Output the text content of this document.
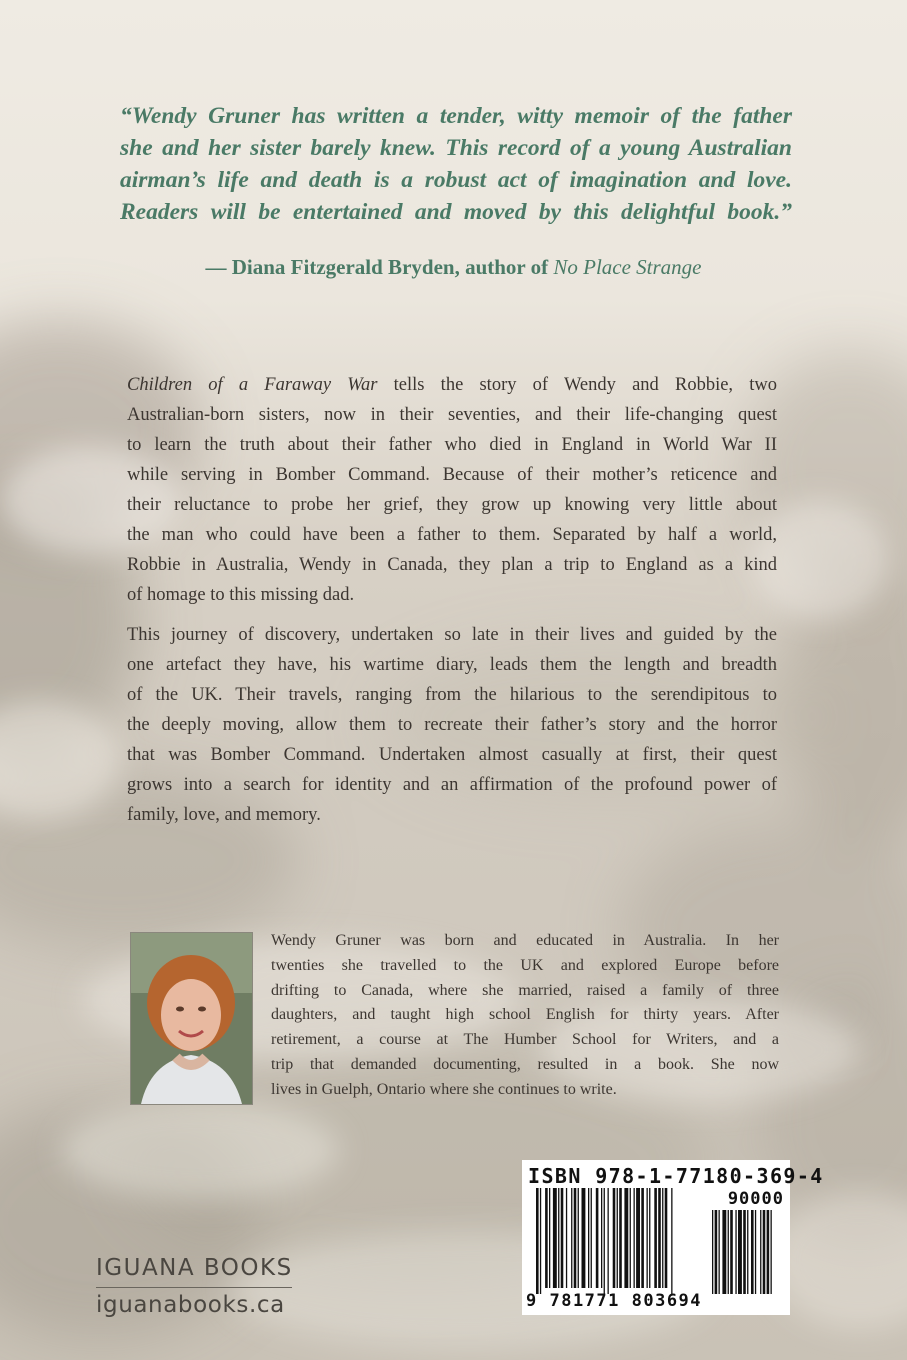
“Wendy Gruner has written a tender, witty memoir of the father
she and her sister barely knew. This record of a young Australian
airman’s life and death is a robust act of imagination and love.
Readers will be entertained and moved by this delightful book.”
— Diana Fitzgerald Bryden, author of No Place Strange
Children of a Faraway War tells the story of Wendy and Robbie, two
Australian-born sisters, now in their seventies, and their life-changing quest
to learn the truth about their father who died in England in World War II
while serving in Bomber Command. Because of their mother’s reticence and
their reluctance to probe her grief, they grow up knowing very little about
the man who could have been a father to them. Separated by half a world,
Robbie in Australia, Wendy in Canada, they plan a trip to England as a kind
of homage to this missing dad.
This journey of discovery, undertaken so late in their lives and guided by the
one artefact they have, his wartime diary, leads them the length and breadth
of the UK. Their travels, ranging from the hilarious to the serendipitous to
the deeply moving, allow them to recreate their father’s story and the horror
that was Bomber Command. Undertaken almost casually at first, their quest
grows into a search for identity and an affirmation of the profound power of
family, love, and memory.
Wendy Gruner was born and educated in Australia. In her
twenties she travelled to the UK and explored Europe before
drifting to Canada, where she married, raised a family of three
daughters, and taught high school English for thirty years. After
retirement, a course at The Humber School for Writers, and a
trip that demanded documenting, resulted in a book. She now
lives in Guelph, Ontario where she continues to write.
ISBN 978-1-77180-369-4
90000
9 781771 803694
IGUANA BOOKS
iguanabooks.ca
